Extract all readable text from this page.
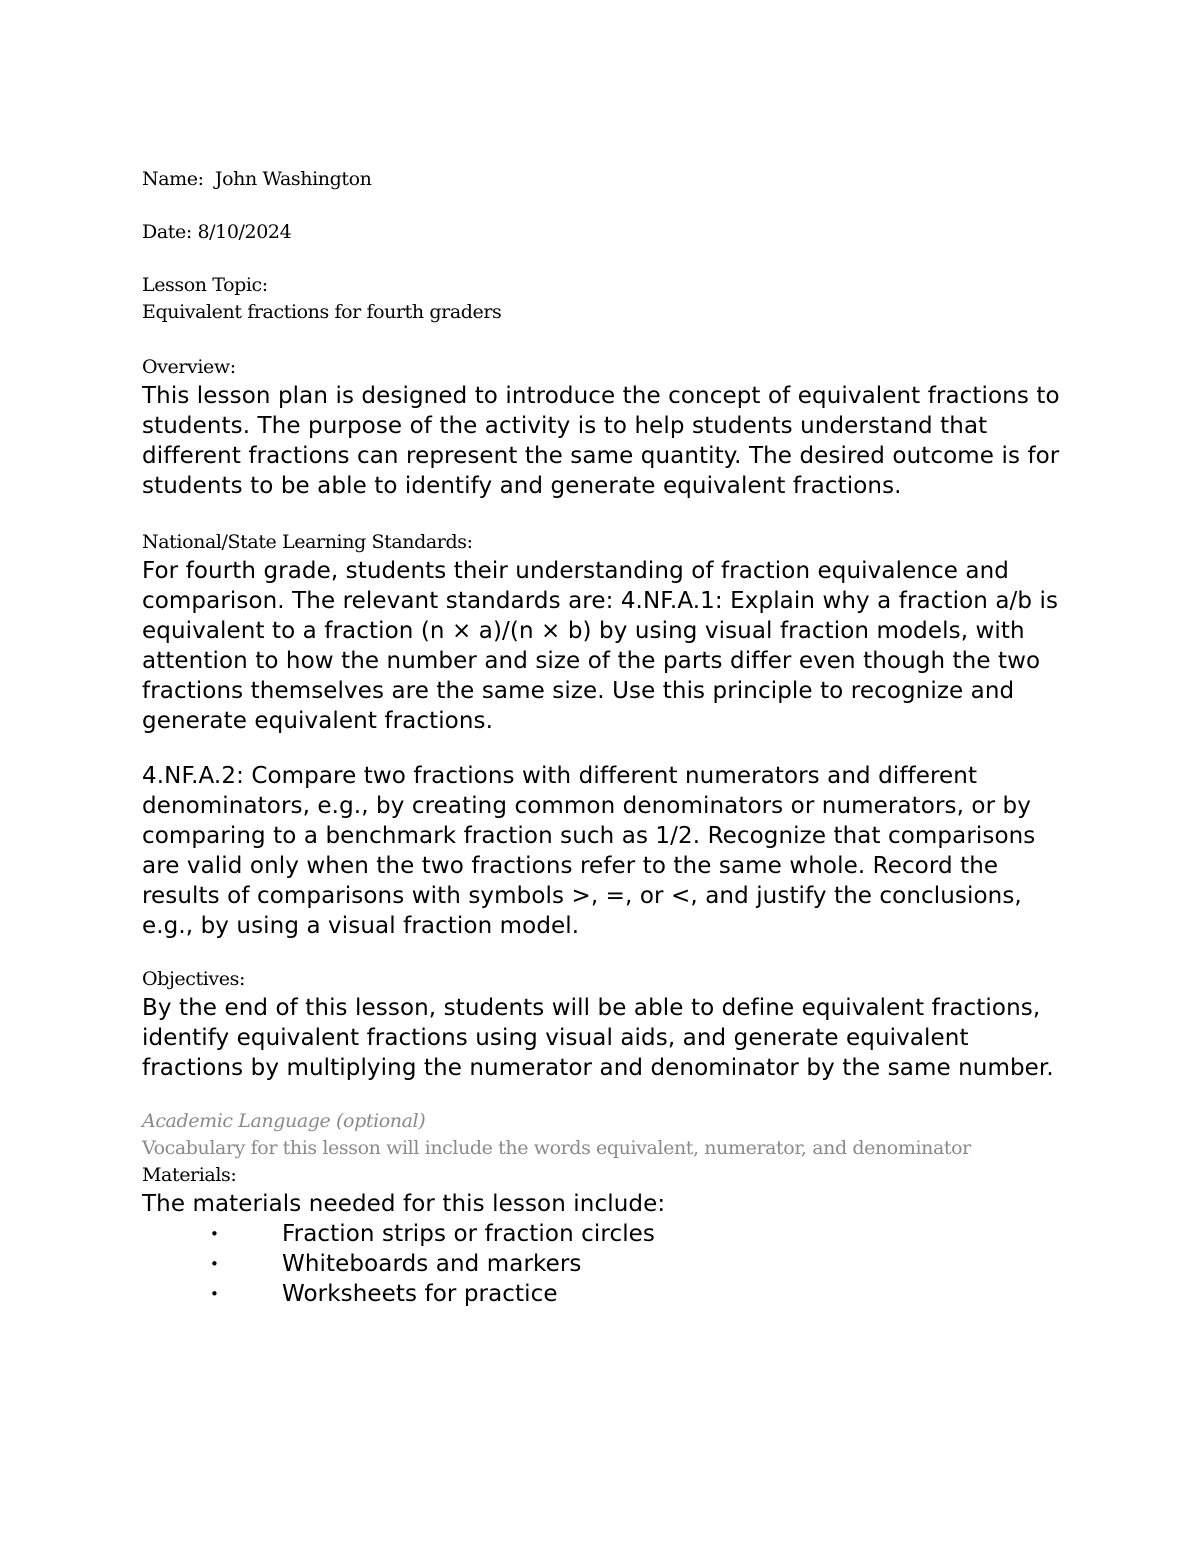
Name: John Washington

Date: 8/10/2024

Lesson Topic:

Equivalent fractions for fourth graders

Overview:

This lesson plan is designed to introduce the concept of equivalent fractions to students. The purpose of the activity is to help students understand that different fractions can represent the same quantity. The desired outcome is for students to be able to identify and generate equivalent fractions.

National/State Learning Standards:

For fourth grade, students their understanding of fraction equivalence and comparison. The relevant standards are: 4.NF.A.1: Explain why a fraction a/b is equivalent to a fraction (n × a)/(n × b) by using visual fraction models, with attention to how the number and size of the parts differ even though the two fractions themselves are the same size. Use this principle to recognize and generate equivalent fractions.

4.NF.A.2: Compare two fractions with different numerators and different denominators, e.g., by creating common denominators or numerators, or by comparing to a benchmark fraction such as 1/2. Recognize that comparisons are valid only when the two fractions refer to the same whole. Record the results of comparisons with symbols >, =, or <, and justify the conclusions, e.g., by using a visual fraction model.

Objectives:

By the end of this lesson, students will be able to define equivalent fractions, identify equivalent fractions using visual aids, and generate equivalent fractions by multiplying the numerator and denominator by the same number.

Academic Language (optional)

Vocabulary for this lesson will include the words equivalent, numerator, and denominator

Materials:

The materials needed for this lesson include:

•	Fraction strips or fraction circles
•	Whiteboards and markers
•	Worksheets for practice
